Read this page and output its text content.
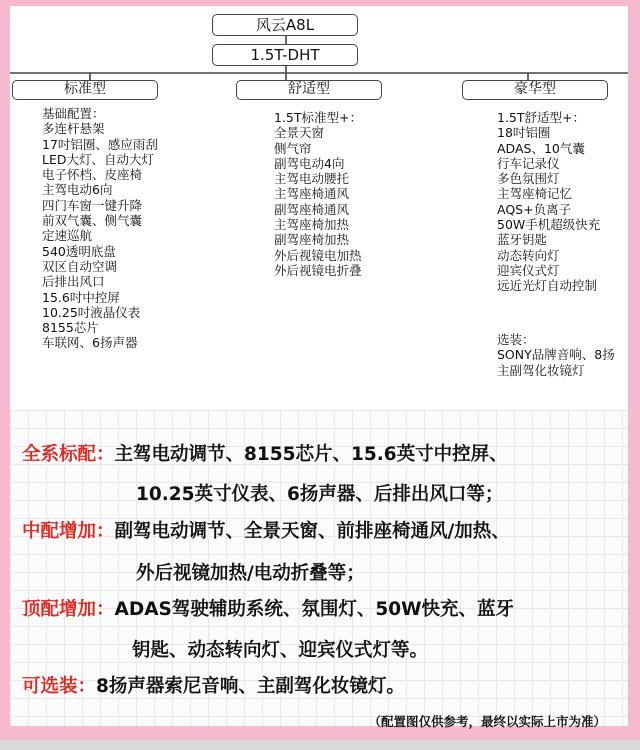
风云A8L
1.5T-DHT
标准型	舒适型	豪华型
基础配置：
多连杆悬架
17吋铝圈、感应雨刮
LED大灯、自动大灯
电子怀档、皮座椅
主驾电动6向
四门车窗一键升降
前双气囊、侧气囊
定速巡航
540透明底盘
双区自动空调
后排出风口
15.6吋中控屏
10.25吋液晶仪表
8155芯片
车联网、6扬声器
1.5T标准型+：
全景天窗
侧气帘
副驾电动4向
主驾电动腰托
主驾座椅通风
副驾座椅通风
主驾座椅加热
副驾座椅加热
外后视镜电加热
外后视镜电折叠
1.5T舒适型+：
18吋铝圈
ADAS、10气囊
行车记录仪
多色氛围灯
主驾座椅记忆
AQS+负离子
50W手机超级快充
蓝牙钥匙
动态转向灯
迎宾仪式灯
远近光灯自动控制
选装：
SONY品牌音响、8扬
主副驾化妆镜灯
全系标配：主驾电动调节、8155芯片、15.6英寸中控屏、
10.25英寸仪表、6扬声器、后排出风口等；
中配增加：副驾电动调节、全景天窗、前排座椅通风/加热、
外后视镜加热/电动折叠等；
顶配增加：ADAS驾驶辅助系统、氛围灯、50W快充、蓝牙
钥匙、动态转向灯、迎宾仪式灯等。
可选装：8扬声器索尼音响、主副驾化妆镜灯。
（配置图仅供参考，最终以实际上市为准）
